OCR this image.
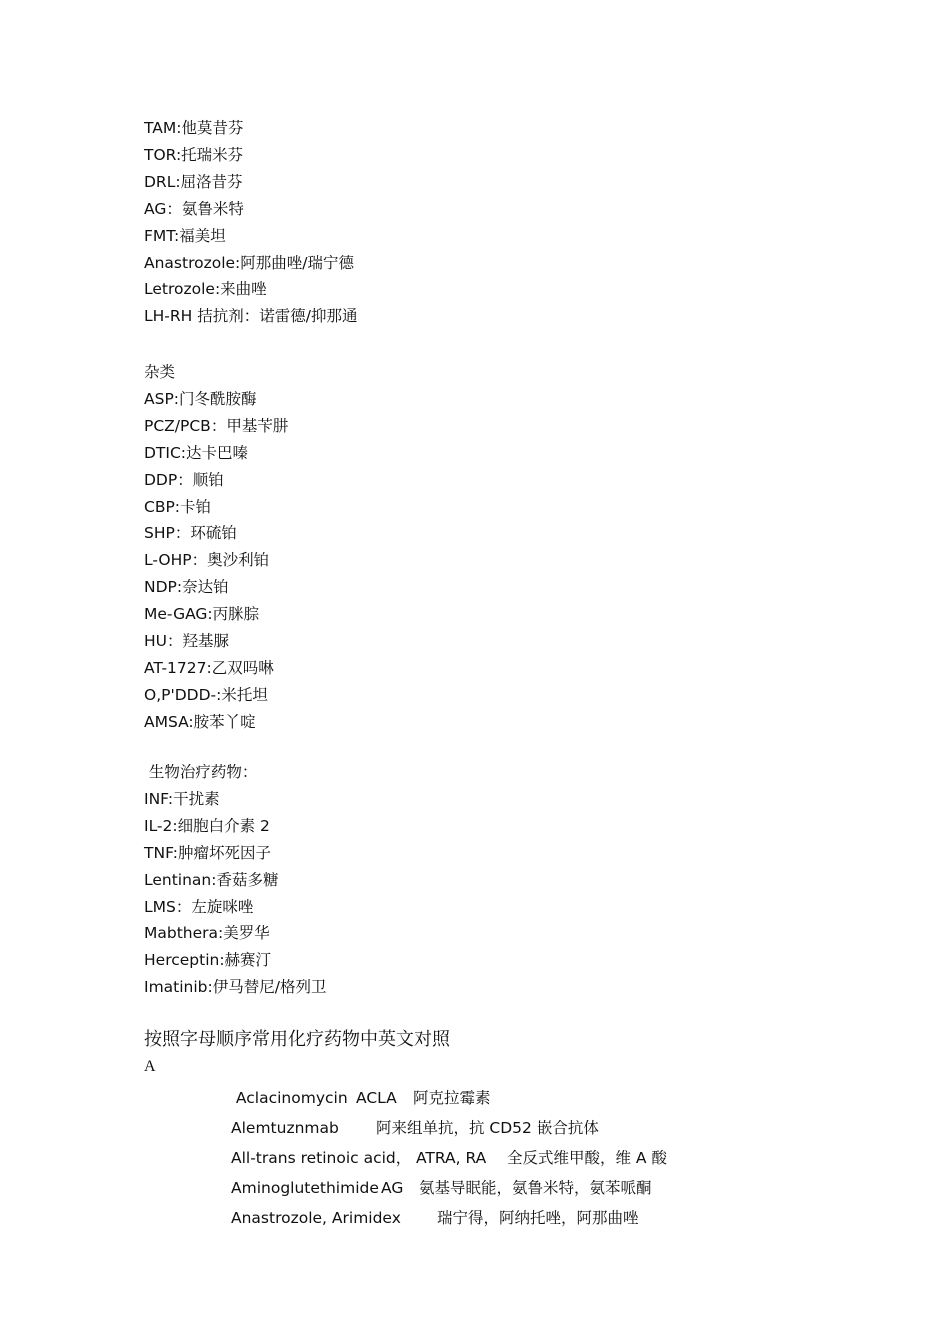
TAM:他莫昔芬
TOR:托瑞米芬
DRL:屈洛昔芬
AG：氨鲁米特
FMT:福美坦
Anastrozole:阿那曲唑/瑞宁德
Letrozole:来曲唑
LH-RH 拮抗剂：诺雷德/抑那通
杂类
ASP:门冬酰胺酶
PCZ/PCB：甲基苄肼
DTIC:达卡巴嗪
DDP：顺铂
CBP:卡铂
SHP：环硫铂
L-OHP：奥沙利铂
NDP:奈达铂
Me-GAG:丙脒腙
HU：羟基脲
AT-1727:乙双吗啉
O,P'DDD-:米托坦
AMSA:胺苯丫啶
生物治疗药物：
INF:干扰素
IL-2:细胞白介素 2
TNF:肿瘤坏死因子
Lentinan:香菇多糖
LMS：左旋咪唑
Mabthera:美罗华
Herceptin:赫赛汀
Imatinib:伊马替尼/格列卫
按照字母顺序常用化疗药物中英文对照
A
Aclacinomycin ACLA 阿克拉霉素
Alemtuznmab 阿来组单抗，抗 CD52 嵌合抗体
All-trans retinoic acid， ATRA, RA 全反式维甲酸，维 A 酸
Aminoglutethimide AG 氨基导眠能，氨鲁米特，氨苯哌酮
Anastrozole, Arimidex 瑞宁得，阿纳托唑，阿那曲唑
